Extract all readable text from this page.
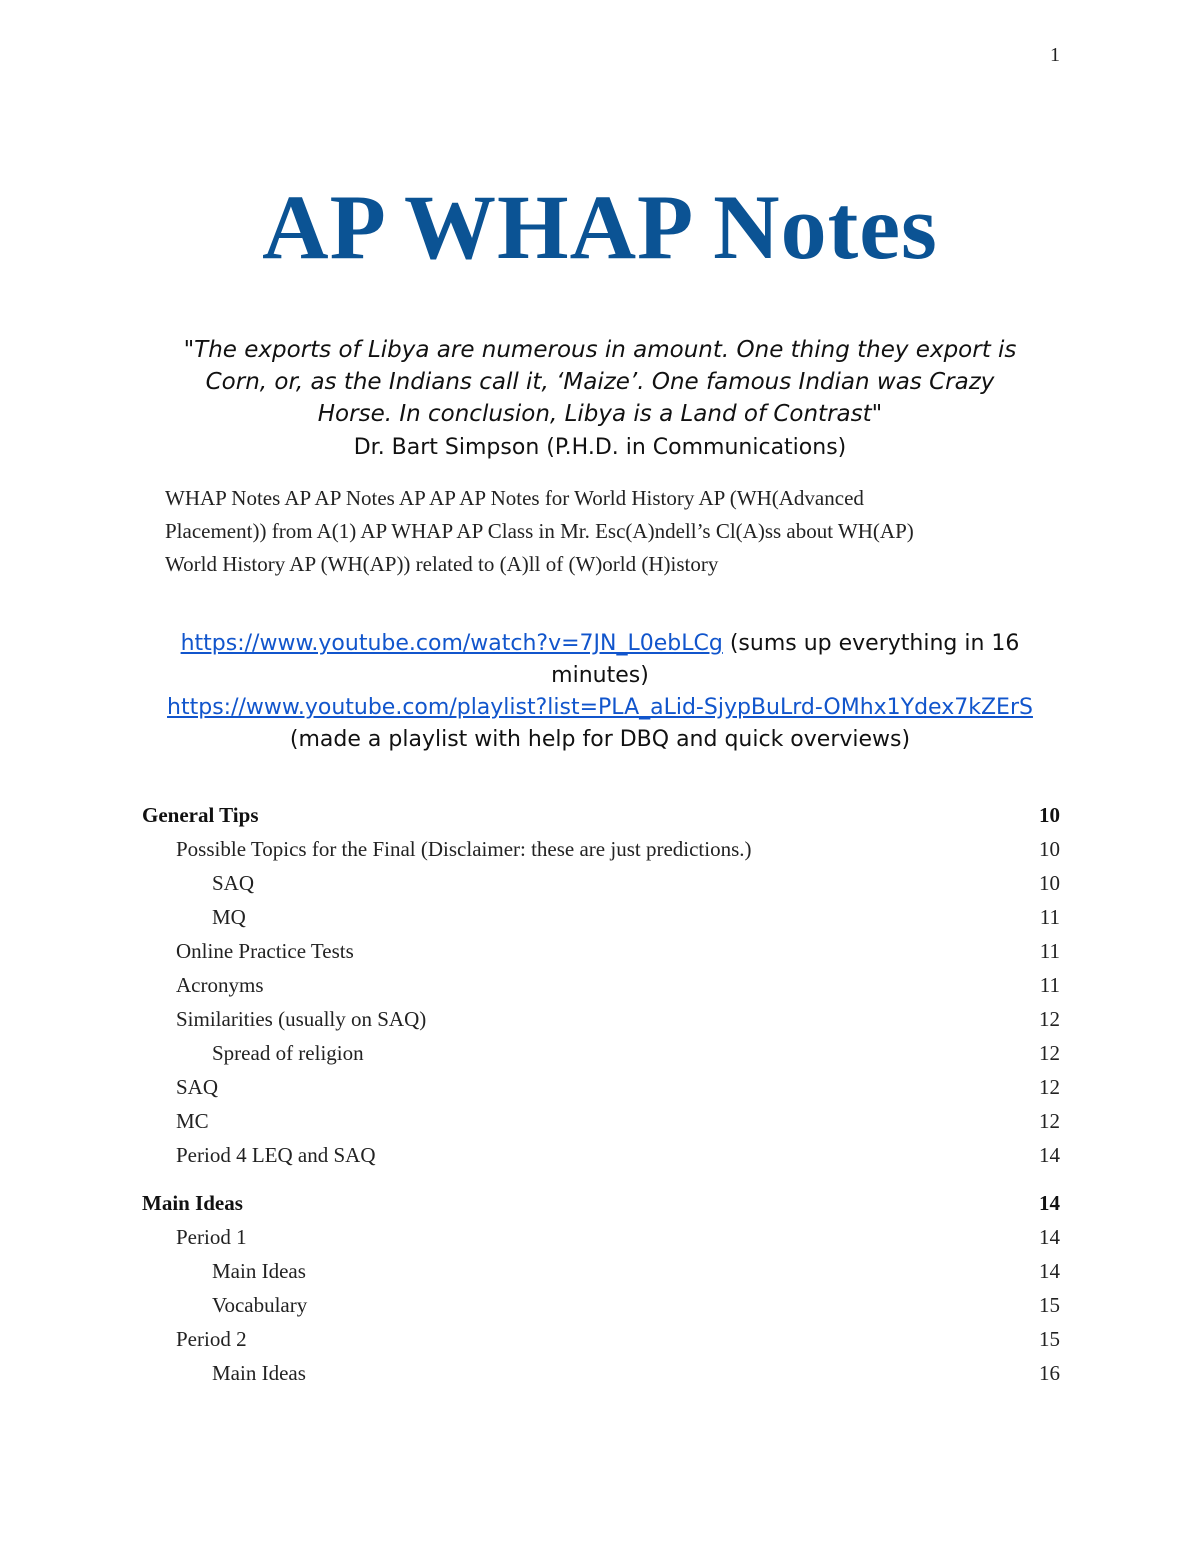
1
AP WHAP Notes
"The exports of Libya are numerous in amount. One thing they export is
Corn, or, as the Indians call it, ‘Maize’. One famous Indian was Crazy
Horse. In conclusion, Libya is a Land of Contrast"
Dr. Bart Simpson (P.H.D. in Communications)
WHAP Notes AP AP Notes AP AP AP Notes for World History AP (WH(Advanced
Placement)) from A(1) AP WHAP AP Class in Mr. Esc(A)ndell’s Cl(A)ss about WH(AP)
World History AP (WH(AP)) related to (A)ll of (W)orld (H)istory
https://www.youtube.com/watch?v=7JN_L0ebLCg (sums up everything in 16 minutes)
https://www.youtube.com/playlist?list=PLA_aLid-SjypBuLrd-OMhx1Ydex7kZErS (made a playlist with help for DBQ and quick overviews)
General Tips	10
Possible Topics for the Final (Disclaimer: these are just predictions.)	10
SAQ	10
MQ	11
Online Practice Tests	11
Acronyms	11
Similarities (usually on SAQ)	12
Spread of religion	12
SAQ	12
MC	12
Period 4 LEQ and SAQ	14
Main Ideas	14
Period 1	14
Main Ideas	14
Vocabulary	15
Period 2	15
Main Ideas	16
